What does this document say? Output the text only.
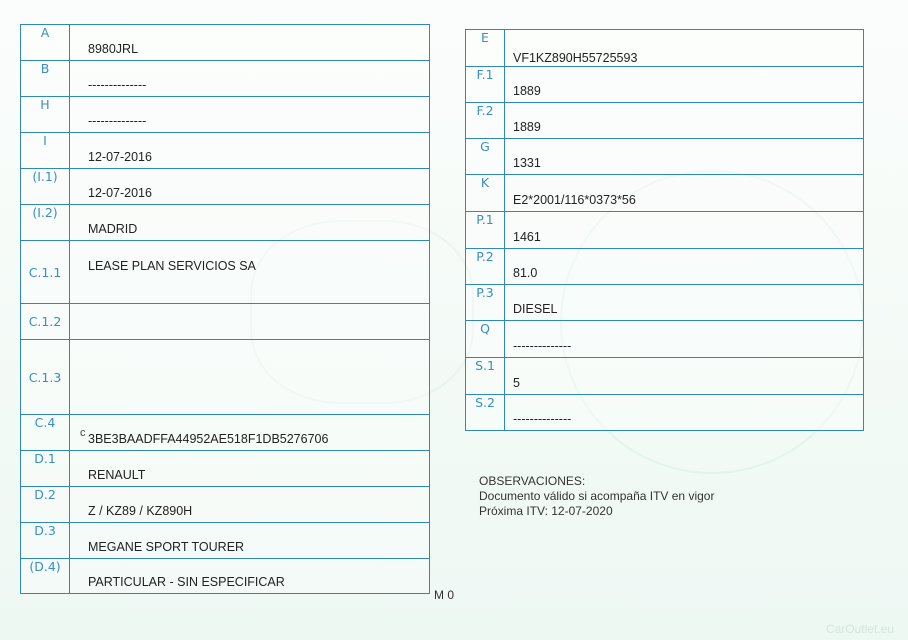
A	8980JRL

B	--------------

H	--------------

I	12-07-2016

(I.1)	12-07-2016

(I.2)	MADRID

C.1.1	LEASE PLAN SERVICIOS SA

C.1.2	

C.1.3	

C.4	c 3BE3BAADFFA44952AE518F1DB5276706

D.1	RENAULT

D.2	Z / KZ89 / KZ890H

D.3	MEGANE SPORT TOURER

(D.4)	PARTICULAR - SIN ESPECIFICAR
M 0
E	VF1KZ890H55725593

F.1	1889

F.2	1889

G	1331

K	E2*2001/116*0373*56

P.1	1461

P.2	81.0

P.3	DIESEL

Q	--------------

S.1	5

S.2	--------------
OBSERVACIONES:
Documento válido si acompaña ITV en vigor
Próxima ITV: 12-07-2020
CarOutlet.eu
